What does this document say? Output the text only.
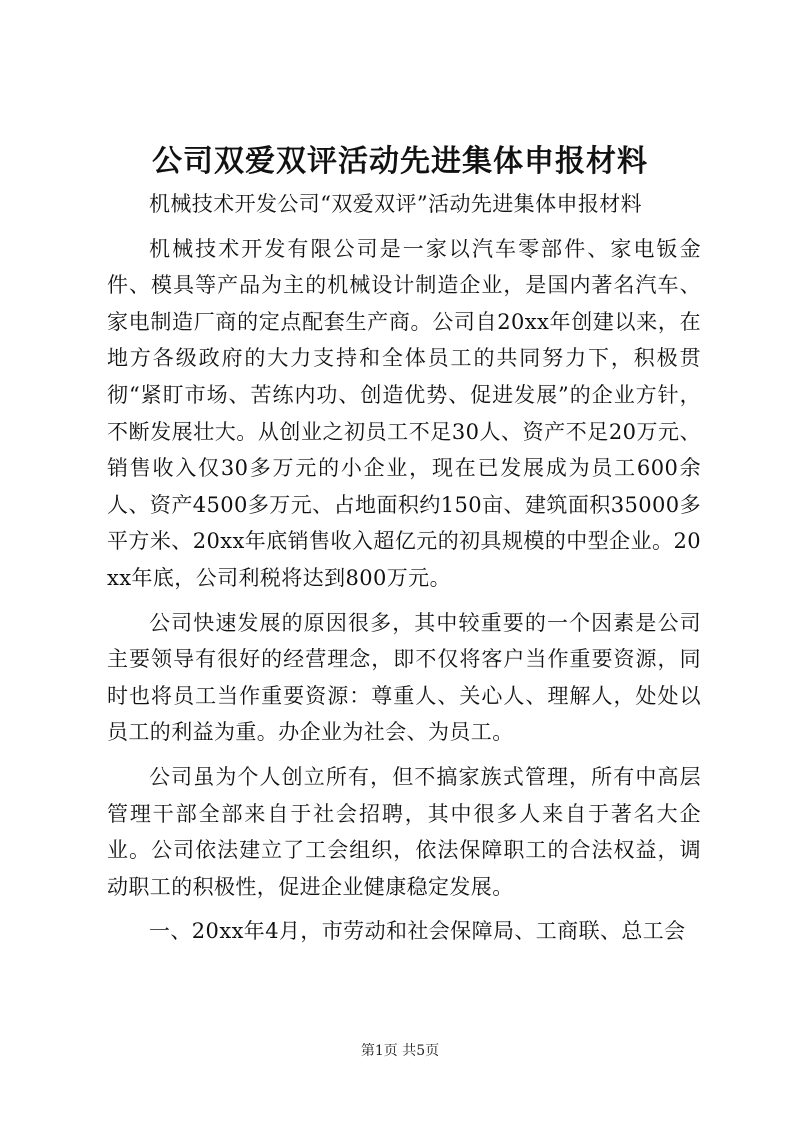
公司双爱双评活动先进集体申报材料

机械技术开发公司“双爱双评”活动先进集体申报材料

机械技术开发有限公司是一家以汽车零部件、家电钣金件、模具等产品为主的机械设计制造企业，是国内著名汽车、家电制造厂商的定点配套生产商。公司自20xx年创建以来，在地方各级政府的大力支持和全体员工的共同努力下，积极贯彻“紧盯市场、苦练内功、创造优势、促进发展”的企业方针，不断发展壮大。从创业之初员工不足30人、资产不足20万元、销售收入仅30多万元的小企业，现在已发展成为员工600余人、资产4500多万元、占地面积约150亩、建筑面积35000多平方米、20xx年底销售收入超亿元的初具规模的中型企业。20xx年底，公司利税将达到800万元。

公司快速发展的原因很多，其中较重要的一个因素是公司主要领导有很好的经营理念，即不仅将客户当作重要资源，同时也将员工当作重要资源：尊重人、关心人、理解人，处处以员工的利益为重。办企业为社会、为员工。

公司虽为个人创立所有，但不搞家族式管理，所有中高层管理干部全部来自于社会招聘，其中很多人来自于著名大企业。公司依法建立了工会组织，依法保障职工的合法权益，调动职工的积极性，促进企业健康稳定发展。

一、20xx年4月，市劳动和社会保障局、工商联、总工会

第1页 共5页
